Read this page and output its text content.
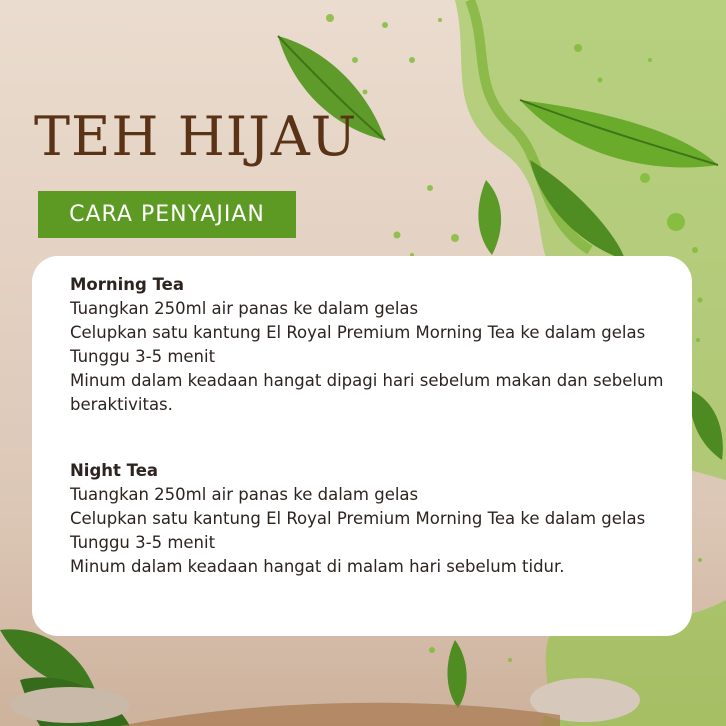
TEH HIJAU
CARA PENYAJIAN
Morning Tea

Tuangkan 250ml air panas ke dalam gelas

Celupkan satu kantung El Royal Premium Morning Tea ke dalam gelas

Tunggu 3-5 menit

Minum dalam keadaan hangat dipagi hari sebelum makan dan sebelum beraktivitas.

Night Tea

Tuangkan 250ml air panas ke dalam gelas

Celupkan satu kantung El Royal Premium Morning Tea ke dalam gelas

Tunggu 3-5 menit

Minum dalam keadaan hangat di malam hari sebelum tidur.
